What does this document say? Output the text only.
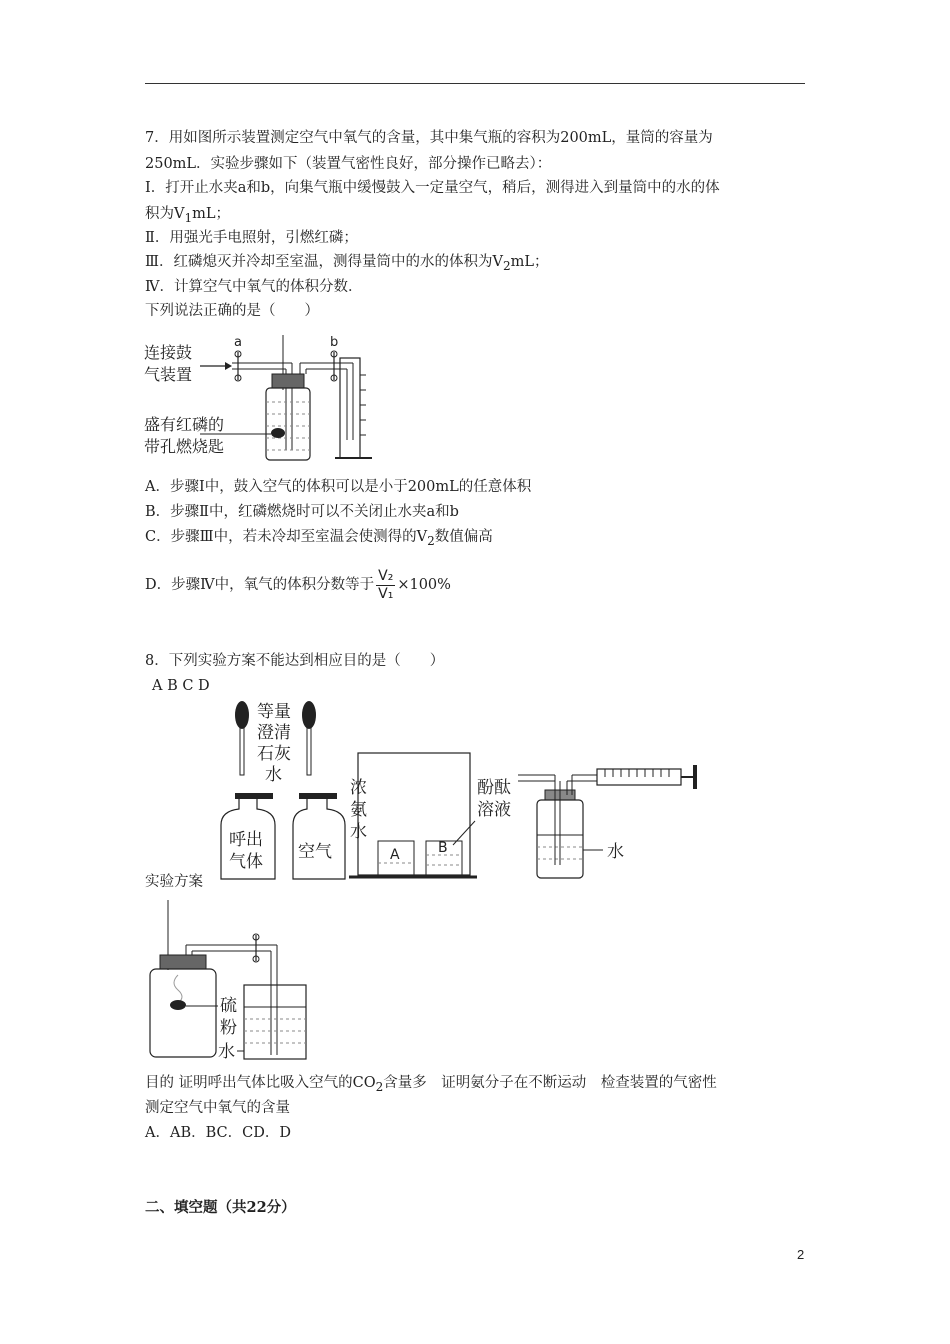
7．用如图所示装置测定空气中氧气的含量，其中集气瓶的容积为200mL，量筒的容量为
250mL．实验步骤如下（装置气密性良好，部分操作已略去）：
Ⅰ．打开止水夹a和b，向集气瓶中缓慢鼓入一定量空气，稍后，测得进入到量筒中的水的体
积为$V_1mL$；
Ⅱ．用强光手电照射，引燃红磷；
Ⅲ．红磷熄灭并冷却至室温，测得量筒中的水的体积为$V_2mL$；
Ⅳ．计算空气中氧气的体积分数．
下列说法正确的是（　　）
连接鼓
气装置
盛有红磷的
带孔燃烧匙
a	b
A．步骤Ⅰ中，鼓入空气的体积可以是小于200mL的任意体积
B．步骤Ⅱ中，红磷燃烧时可以不关闭止水夹a和b
C．步骤Ⅲ中，若未冷却至室温会使测得的$V_2$数值偏高
D．步骤Ⅳ中，氧气的体积分数等于 $\frac{\text{V₂}}{\text{V₁}} \times 100\%$
8．下列实验方案不能达到相应目的是（　　）
A B C D
等量
澄清
石灰
水
呼出
气体 空气
浓
氨
水
A	B
酚酞
溶液
水
实验方案
硫
粉
水
目的 证明呼出气体比吸入空气的$CO_2$含量多　证明氨分子在不断运动　检查装置的气密性
测定空气中氧气的含量
A．AB．BC．CD．D
二、填空题（共22分）
2
